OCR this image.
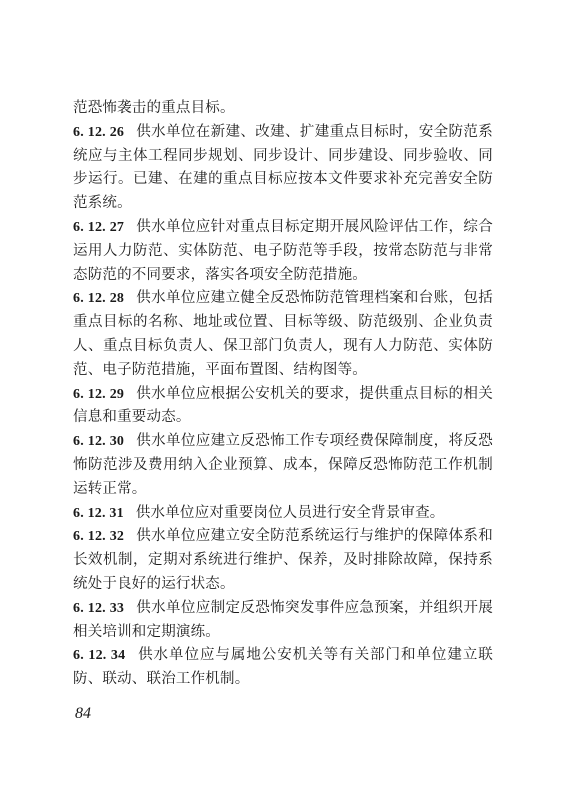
范恐怖袭击的重点目标。

6. 12. 26 供水单位在新建、改建、扩建重点目标时，安全防范系统应与主体工程同步规划、同步设计、同步建设、同步验收、同步运行。已建、在建的重点目标应按本文件要求补充完善安全防范系统。

6. 12. 27 供水单位应针对重点目标定期开展风险评估工作，综合运用人力防范、实体防范、电子防范等手段，按常态防范与非常态防范的不同要求，落实各项安全防范措施。

6. 12. 28 供水单位应建立健全反恐怖防范管理档案和台账，包括重点目标的名称、地址或位置、目标等级、防范级别、企业负责人、重点目标负责人、保卫部门负责人，现有人力防范、实体防范、电子防范措施，平面布置图、结构图等。

6. 12. 29 供水单位应根据公安机关的要求，提供重点目标的相关信息和重要动态。

6. 12. 30 供水单位应建立反恐怖工作专项经费保障制度，将反恐怖防范涉及费用纳入企业预算、成本，保障反恐怖防范工作机制运转正常。

6. 12. 31 供水单位应对重要岗位人员进行安全背景审查。

6. 12. 32 供水单位应建立安全防范系统运行与维护的保障体系和长效机制，定期对系统进行维护、保养，及时排除故障，保持系统处于良好的运行状态。

6. 12. 33 供水单位应制定反恐怖突发事件应急预案，并组织开展相关培训和定期演练。

6. 12. 34 供水单位应与属地公安机关等有关部门和单位建立联防、联动、联治工作机制。

84
